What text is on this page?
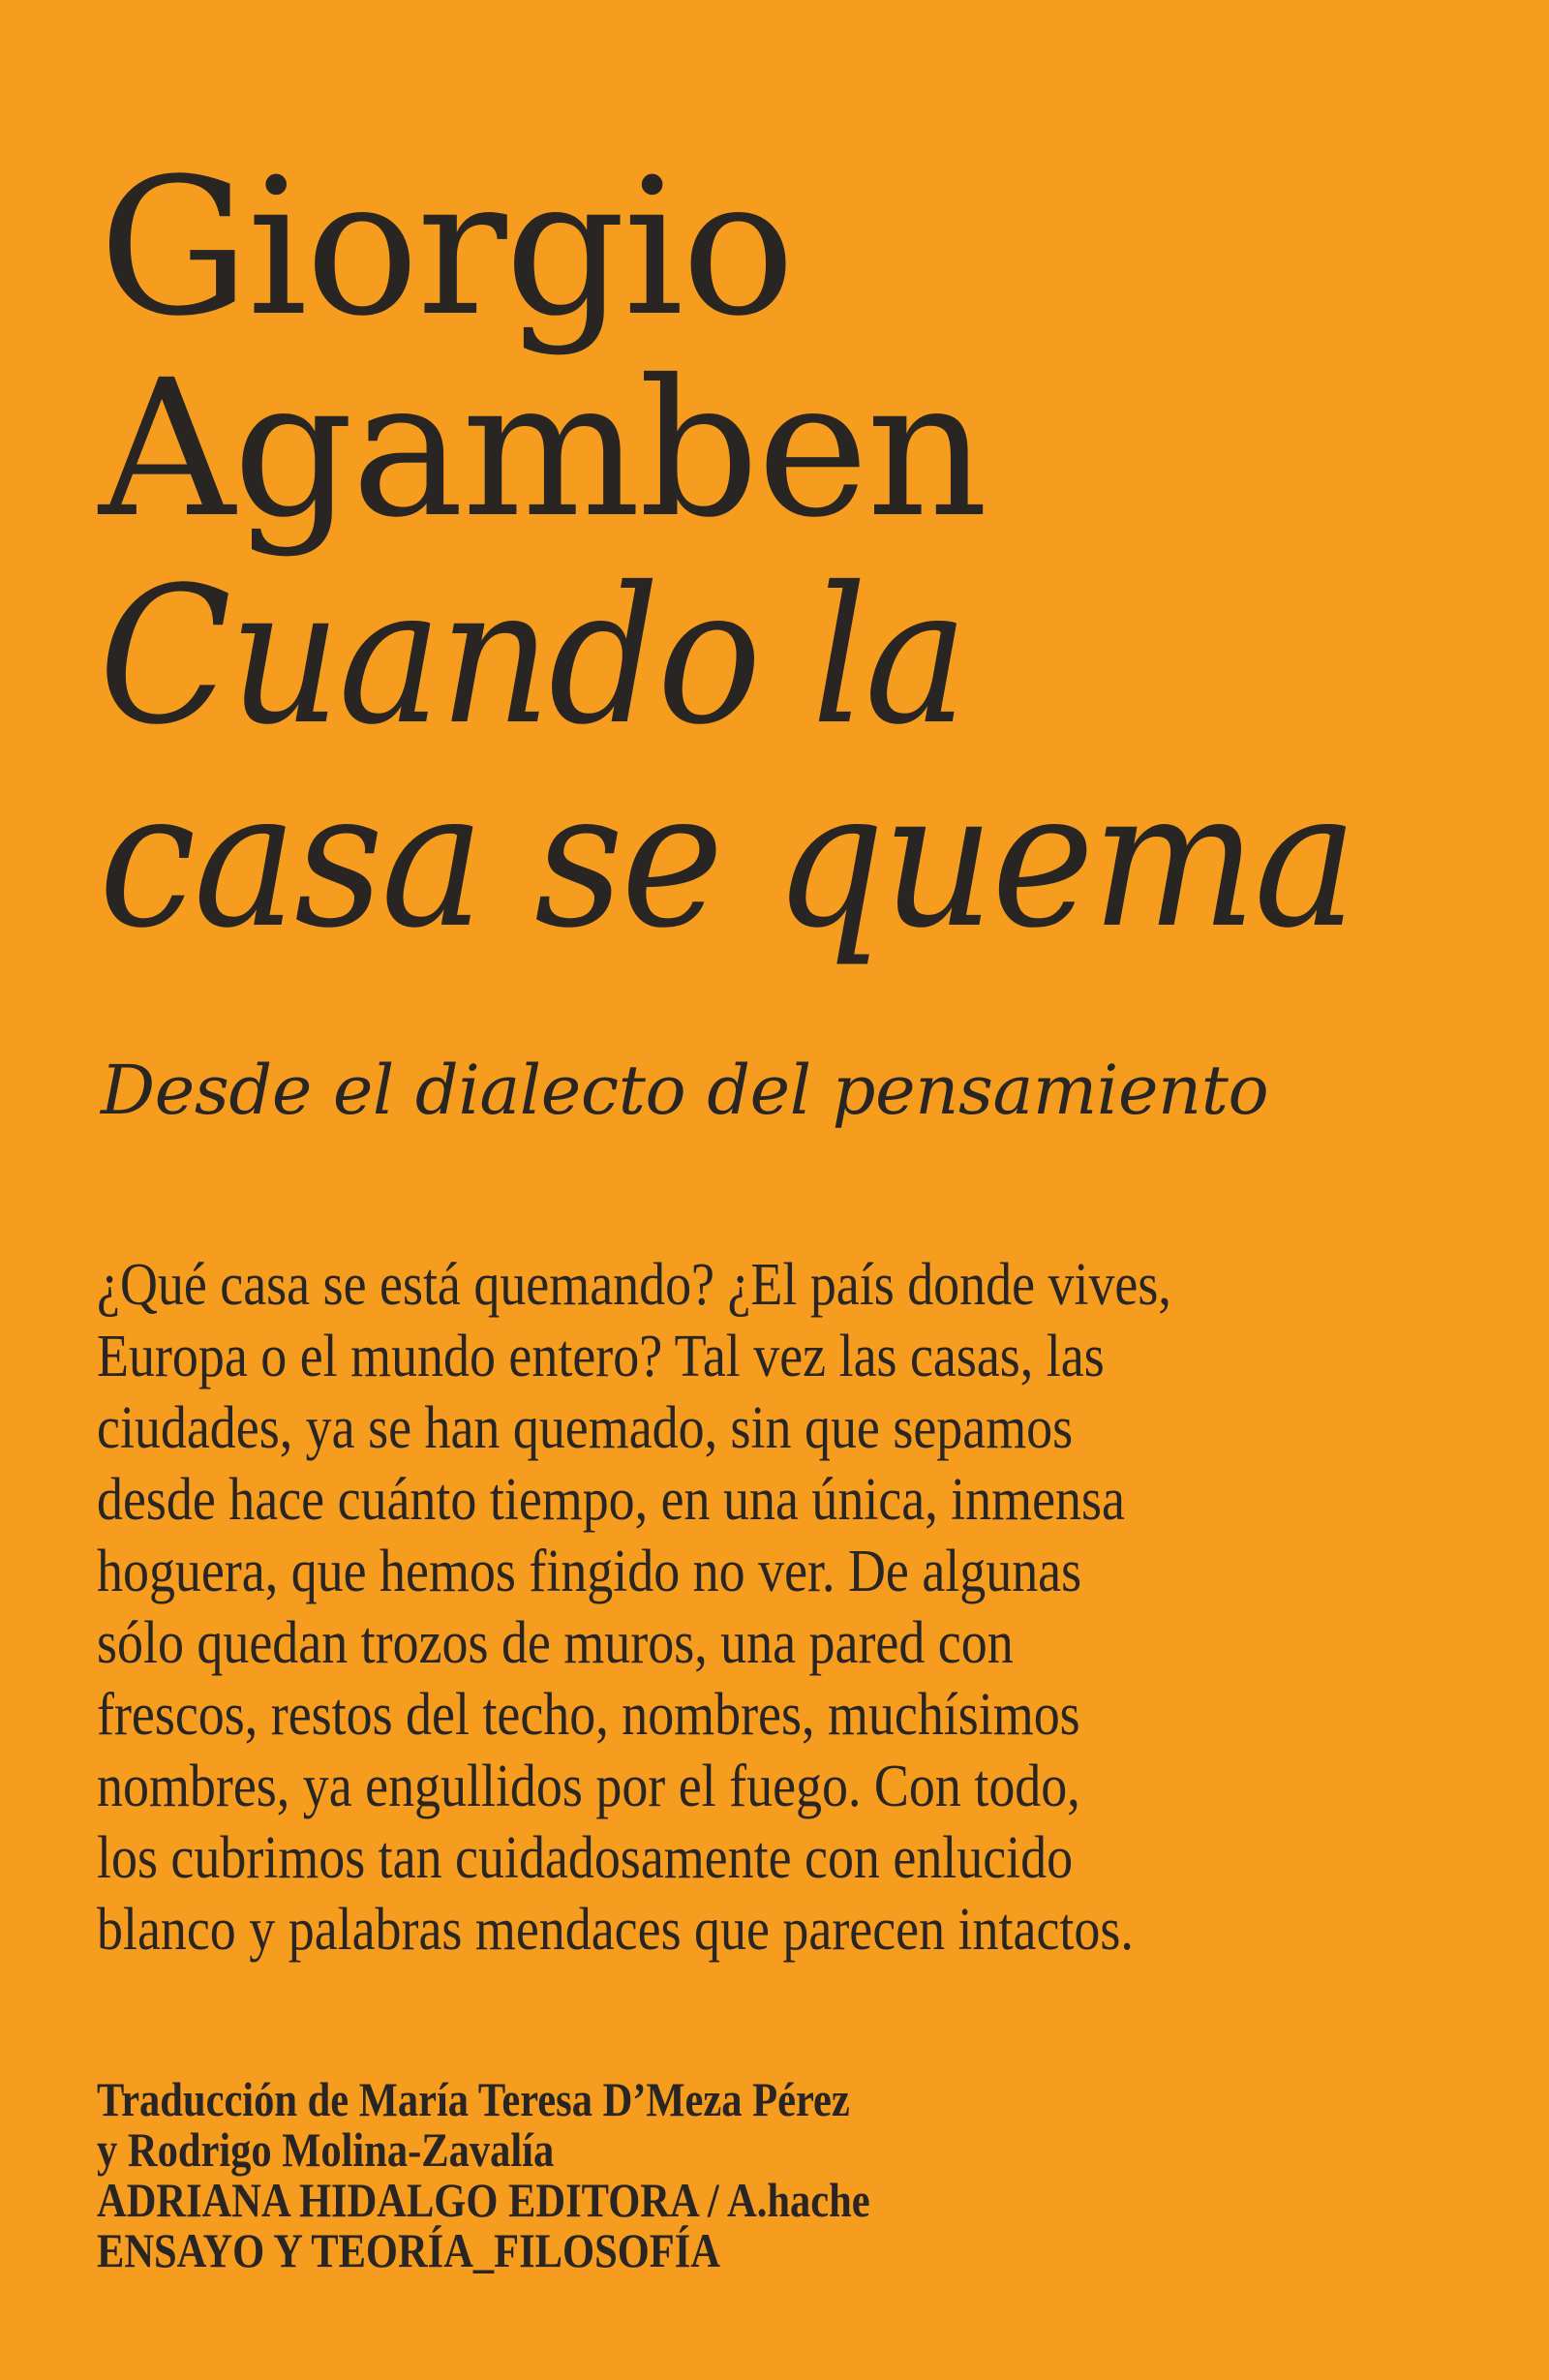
Giorgio
Agamben
Cuando la
casa se quema
Desde el dialecto del pensamiento
¿Qué casa se está quemando? ¿El país donde vives,
Europa o el mundo entero? Tal vez las casas, las
ciudades, ya se han quemado, sin que sepamos
desde hace cuánto tiempo, en una única, inmensa
hoguera, que hemos fingido no ver. De algunas
sólo quedan trozos de muros, una pared con
frescos, restos del techo, nombres, muchísimos
nombres, ya engullidos por el fuego. Con todo,
los cubrimos tan cuidadosamente con enlucido
blanco y palabras mendaces que parecen intactos.
Traducción de María Teresa D’Meza Pérez
y Rodrigo Molina-Zavalía
ADRIANA HIDALGO EDITORA / A.hache
ENSAYO Y TEORÍA_FILOSOFÍA
